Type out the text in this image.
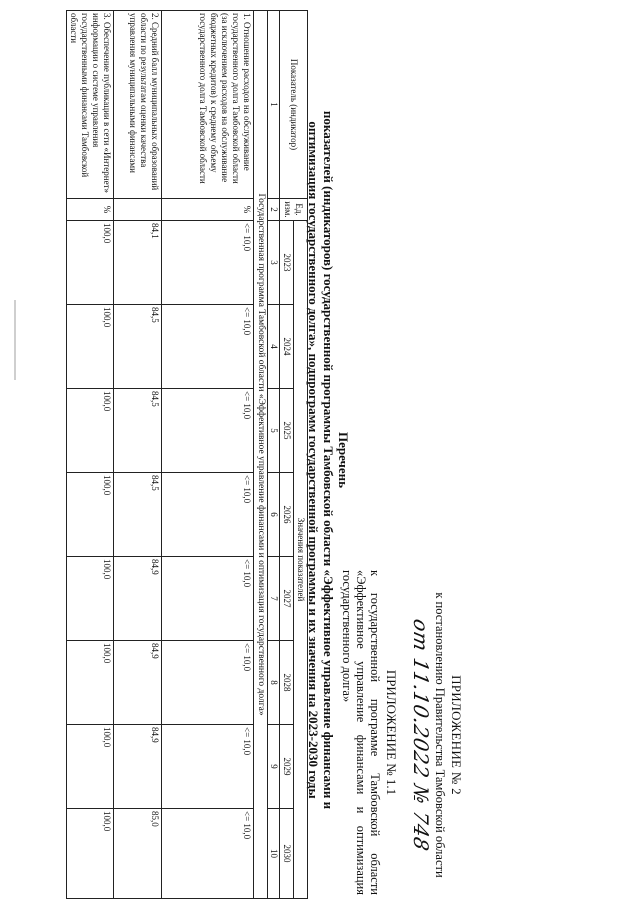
ПРИЛОЖЕНИЕ № 2
к постановлению Правительства Тамбовской области
от 11.10.2022 № 748
ПРИЛОЖЕНИЕ № 1.1
к государственной программе Тамбовской области «Эффективное управление финансами и оптимизация государственного долга»
Перечень
показателей (индикаторов) государственной программы Тамбовской области «Эффективное управление финансами и
оптимизация государственного долга», подпрограмм государственной программы и их значения на 2023-2030 годы
Показатель (индикатор)	Ед. изм.	Значения показателей							
		2023	2024	2025	2026	2027	2028	2029	2030
1	2	3	4	5	6	7	8	9	10
Государственная программа Тамбовской области «Эффективное управление финансами и оптимизация государственного долга»									
1. Отношение расходов на обслуживание государственного долга Тамбовской области (за исключением расходов на обслуживание бюджетных кредитов) к среднему объему государственного долга Тамбовской области	%	<= 10,0	<= 10,0	<= 10,0	<= 10,0	<= 10,0	<= 10,0	<= 10,0	<= 10,0
2. Средний балл муниципальных образований области по результатам оценки качества управления муниципальными финансами		84,1	84,5	84,5	84,5	84,9	84,9	84,9	85,0
3. Обеспечение публикации в сети «Интернет» информации о системе управления государственными финансами Тамбовской области	%	100,0	100,0	100,0	100,0	100,0	100,0	100,0	100,0
